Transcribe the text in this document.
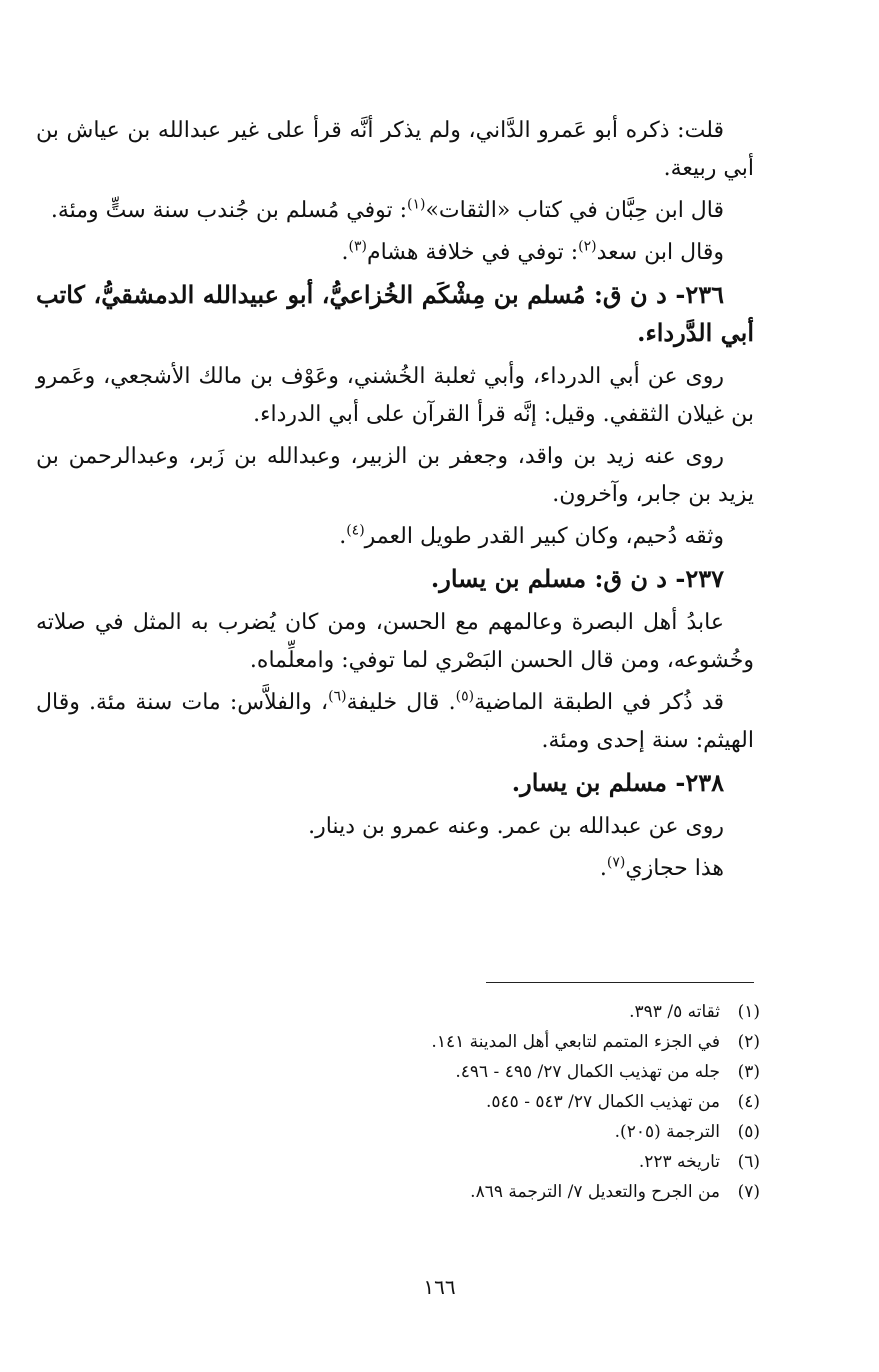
قلت: ذكره أبو عَمرو الدَّاني، ولم يذكر أنَّه قرأ على غير عبدالله بن عياش بن أبي ربيعة.

قال ابن حِبَّان في كتاب «الثقات»$^{(١)}$: توفي مُسلم بن جُندب سنة ستٍّ ومئة.

وقال ابن سعد$^{(٢)}$: توفي في خلافة هشام$^{(٣)}$.

٢٣٦- د ن ق: مُسلم بن مِشْكَم الخُزاعيُّ، أبو عبيدالله الدمشقيُّ، كاتب أبي الدَّرداء.

روى عن أبي الدرداء، وأبي ثعلبة الخُشني، وعَوْف بن مالك الأشجعي، وعَمرو بن غيلان الثقفي. وقيل: إنَّه قرأ القرآن على أبي الدرداء.

روى عنه زيد بن واقد، وجعفر بن الزبير، وعبدالله بن زَبر، وعبدالرحمن بن يزيد بن جابر، وآخرون.

وثقه دُحيم، وكان كبير القدر طويل العمر$^{(٤)}$.

٢٣٧- د ن ق: مسلم بن يسار.

عابدُ أهل البصرة وعالمهم مع الحسن، ومن كان يُضرب به المثل في صلاته وخُشوعه، ومن قال الحسن البَصْري لما توفي: وامعلِّماه.

قد ذُكر في الطبقة الماضية$^{(٥)}$. قال خليفة$^{(٦)}$، والفلاَّس: مات سنة مئة. وقال الهيثم: سنة إحدى ومئة.

٢٣٨- مسلم بن يسار.

روى عن عبدالله بن عمر. وعنه عمرو بن دينار.

هذا حجازي$^{(٧)}$.

(١)ثقاته ٥/ ٣٩٣.
(٢)في الجزء المتمم لتابعي أهل المدينة ١٤١.
(٣)جله من تهذيب الكمال ٢٧/ ٤٩٥ - ٤٩٦.
(٤)من تهذيب الكمال ٢٧/ ٥٤٣ - ٥٤٥.
(٥)الترجمة (٢٠٥).
(٦)تاريخه ٢٢٣.
(٧)من الجرح والتعديل ٧/ الترجمة ٨٦٩.
١٦٦
